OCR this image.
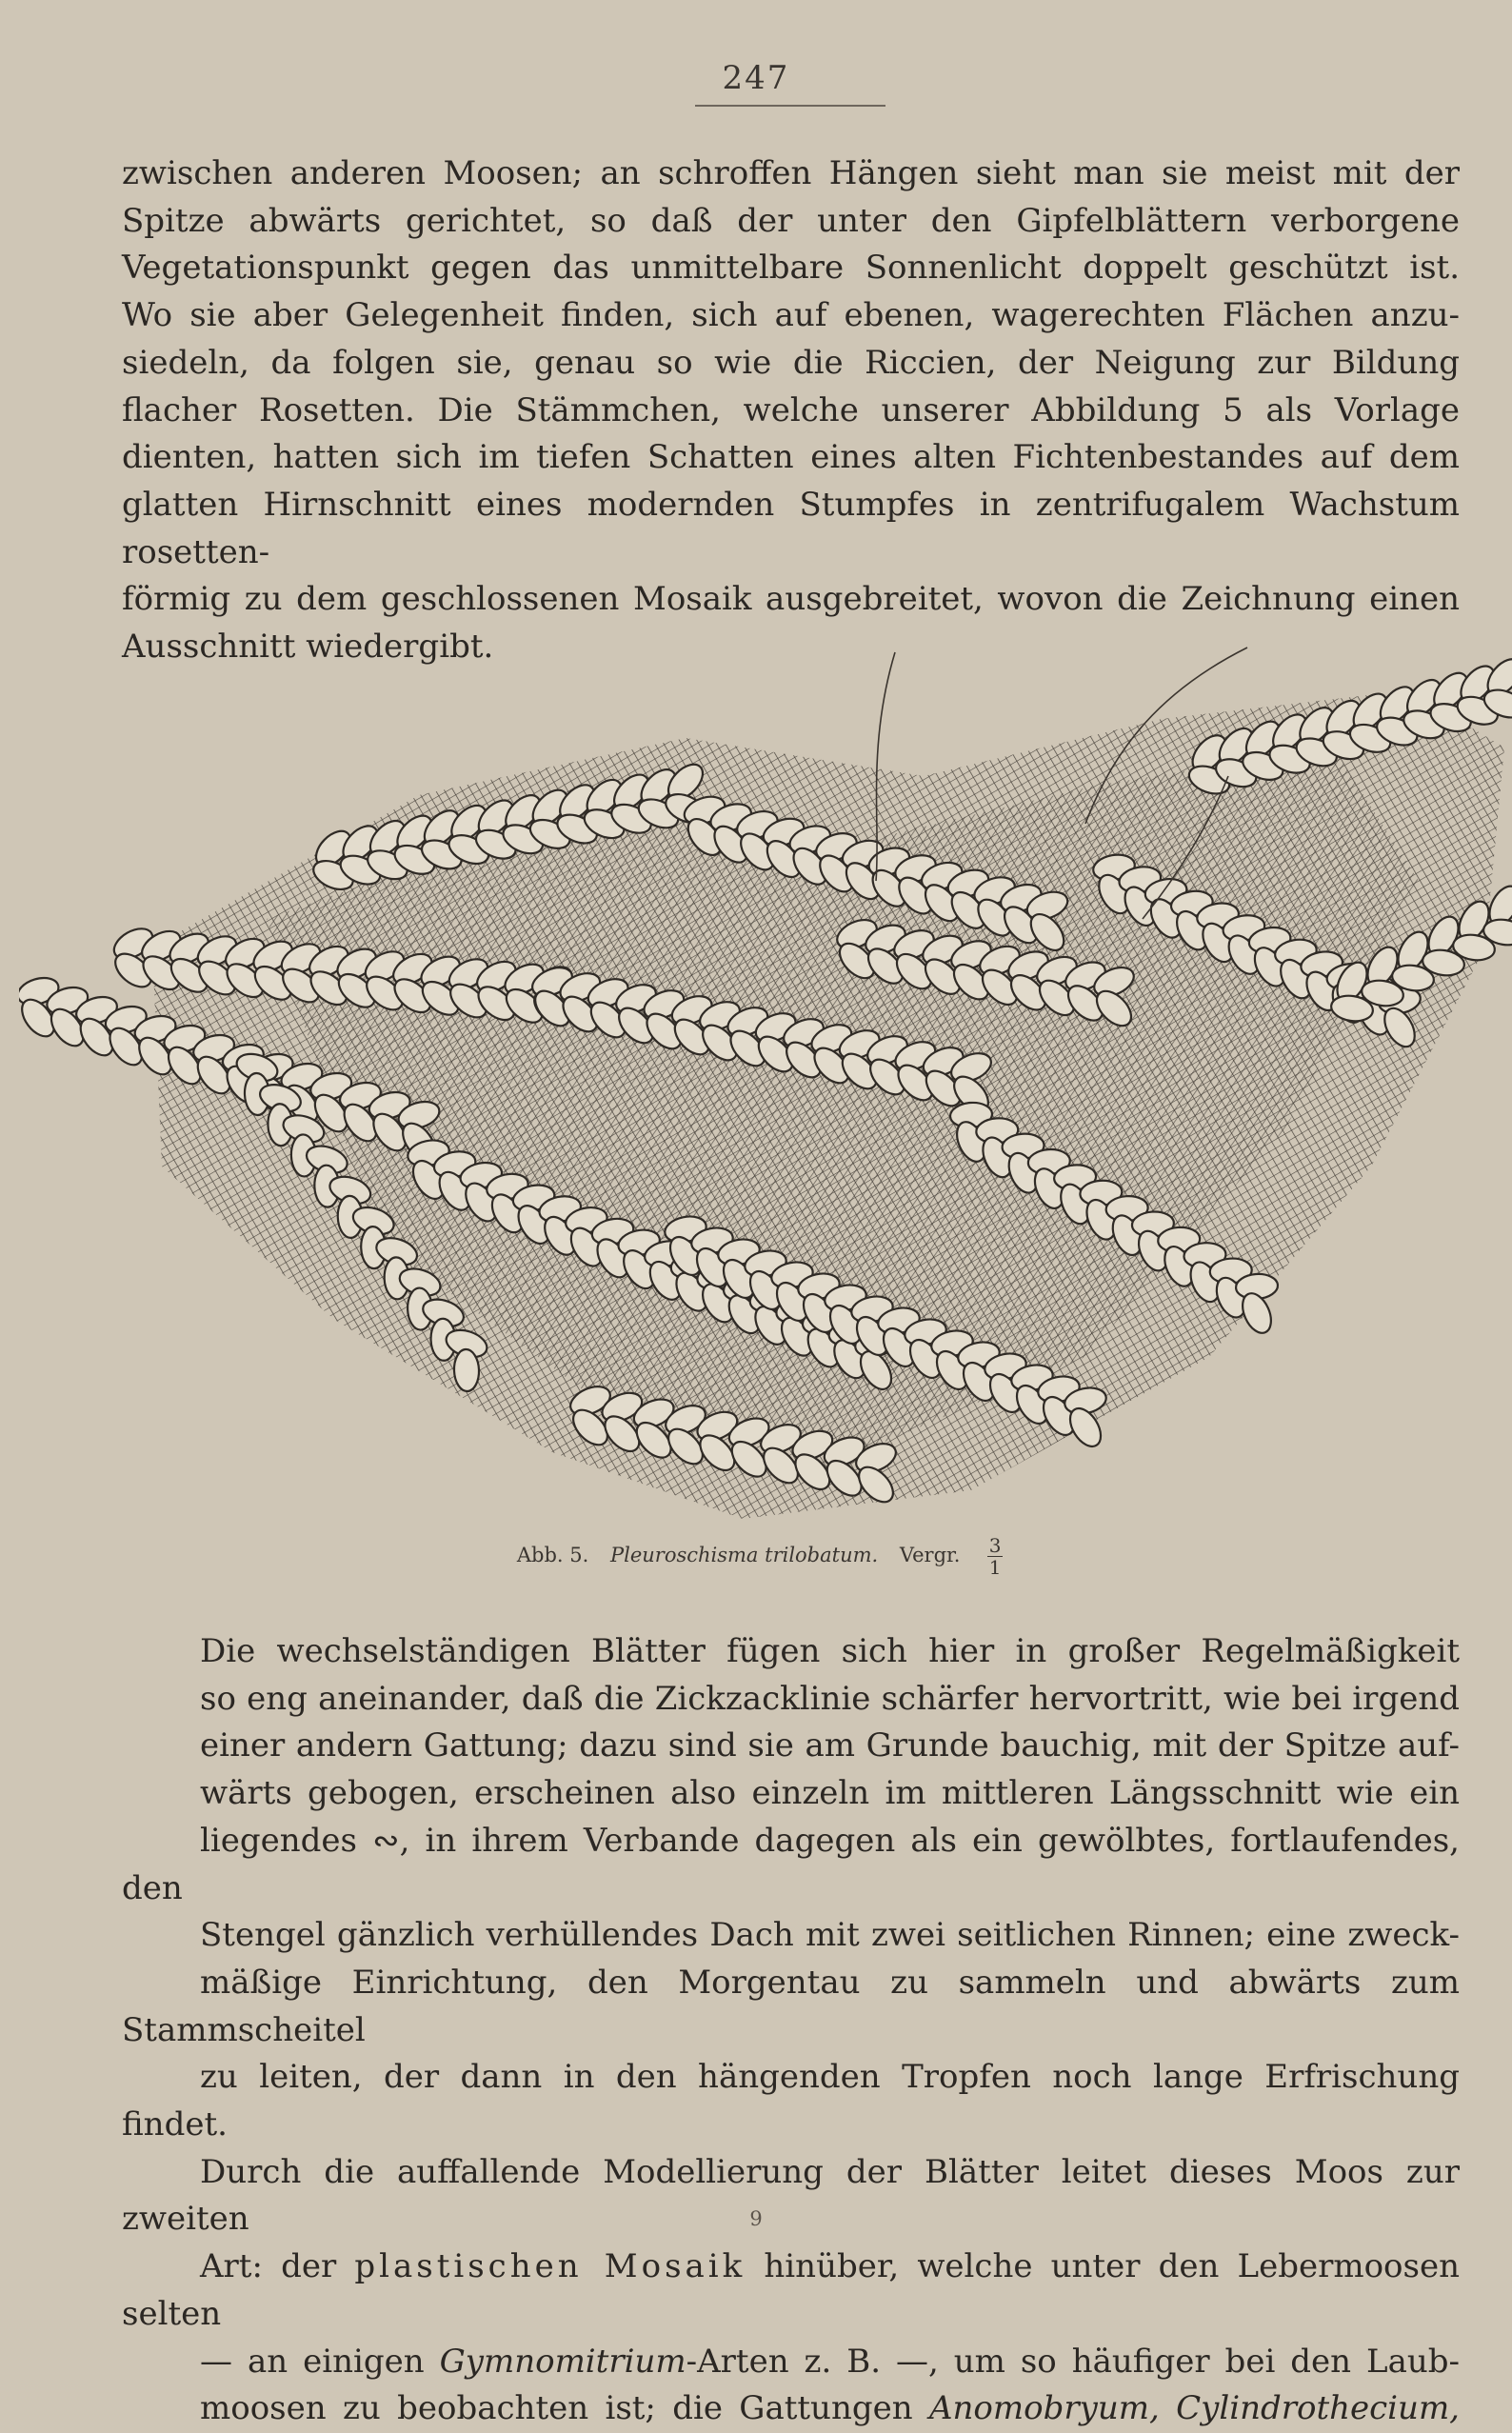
247
zwischen anderen Moosen; an schroffen Hängen sieht man sie meist mit der
Spitze abwärts gerichtet, so daß der unter den Gipfelblättern verborgene
Vegetationspunkt gegen das unmittelbare Sonnenlicht doppelt geschützt ist.
Wo sie aber Gelegenheit finden, sich auf ebenen, wagerechten Flächen anzu-
siedeln, da folgen sie, genau so wie die Riccien, der Neigung zur Bildung
flacher Rosetten. Die Stämmchen, welche unserer Abbildung 5 als Vorlage
dienten, hatten sich im tiefen Schatten eines alten Fichtenbestandes auf dem
glatten Hirnschnitt eines modernden Stumpfes in zentrifugalem Wachstum rosetten-
förmig zu dem geschlossenen Mosaik ausgebreitet, wovon die Zeichnung einen
Ausschnitt wiedergibt.
Abb. 5. Pleuroschisma trilobatum. Vergr. $\frac{3}{1}$
Die wechselständigen Blätter fügen sich hier in großer Regelmäßigkeit
so eng aneinander, daß die Zickzacklinie schärfer hervortritt, wie bei irgend
einer andern Gattung; dazu sind sie am Grunde bauchig, mit der Spitze auf-
wärts gebogen, erscheinen also einzeln im mittleren Längsschnitt wie ein
liegendes ∾, in ihrem Verbande dagegen als ein gewölbtes, fortlaufendes, den
Stengel gänzlich verhüllendes Dach mit zwei seitlichen Rinnen; eine zweck-
mäßige Einrichtung, den Morgentau zu sammeln und abwärts zum Stammscheitel
zu leiten, der dann in den hängenden Tropfen noch lange Erfrischung findet.
Durch die auffallende Modellierung der Blätter leitet dieses Moos zur zweiten
Art: der plastischen Mosaik hinüber, welche unter den Lebermoosen selten
— an einigen Gymnomitrium-Arten z. B. —, um so häufiger bei den Laub-
moosen zu beobachten ist; die Gattungen Anomobryum, Cylindrothecium,
9
